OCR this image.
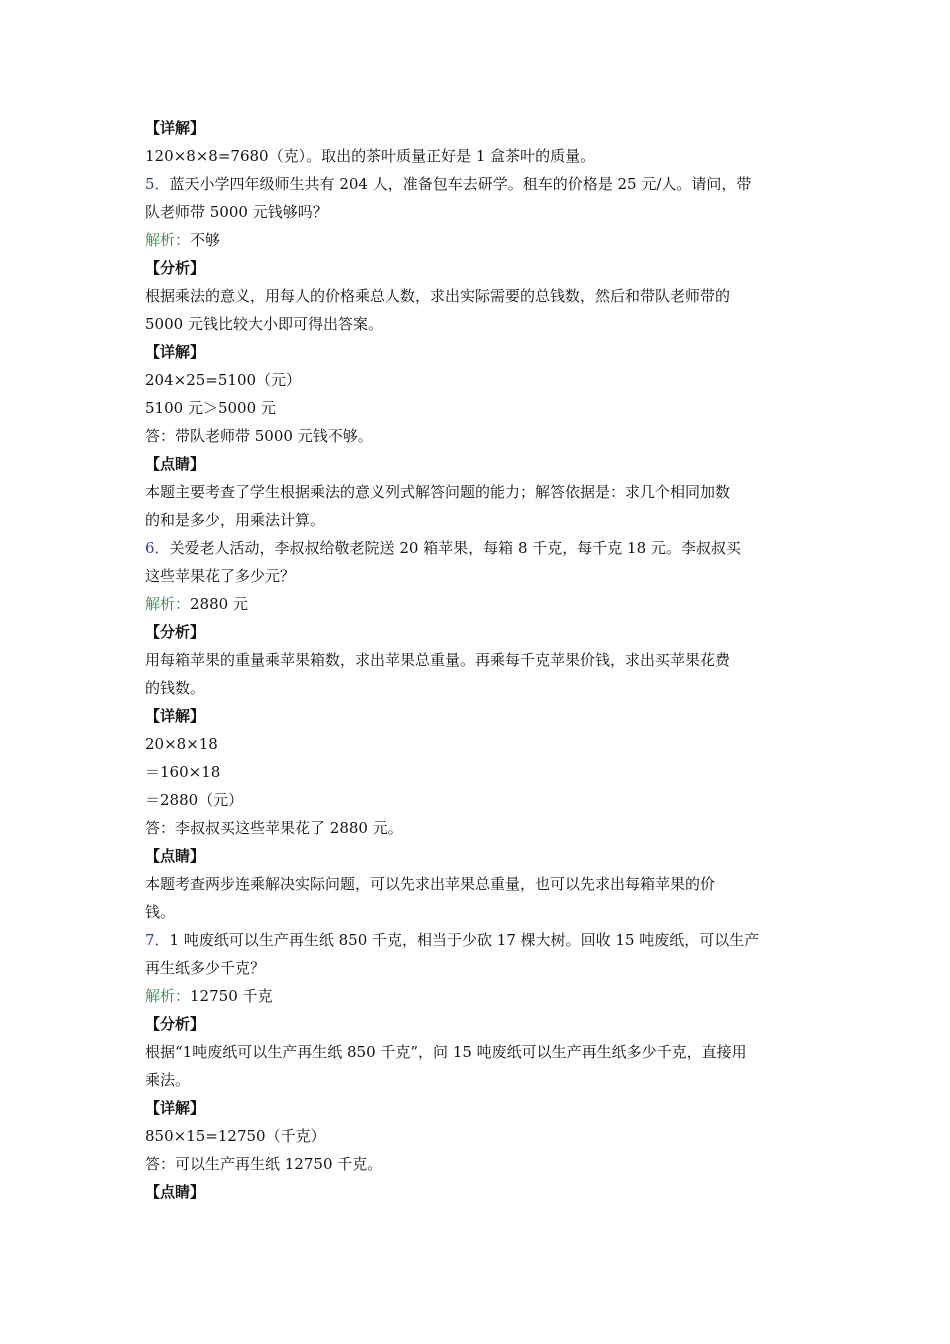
【详解】
120×8×8=7680（克）。取出的茶叶质量正好是 1 盒茶叶的质量。
5．蓝天小学四年级师生共有 204 人，准备包车去研学。租车的价格是 25 元/人。请问，带
队老师带 5000 元钱够吗？
解析：不够
【分析】
根据乘法的意义，用每人的价格乘总人数，求出实际需要的总钱数，然后和带队老师带的
5000 元钱比较大小即可得出答案。
【详解】
204×25=5100（元）
5100 元＞5000 元
答：带队老师带 5000 元钱不够。
【点睛】
本题主要考查了学生根据乘法的意义列式解答问题的能力；解答依据是：求几个相同加数
的和是多少，用乘法计算。
6．关爱老人活动，李叔叔给敬老院送 20 箱苹果，每箱 8 千克，每千克 18 元。李叔叔买
这些苹果花了多少元？
解析：2880 元
【分析】
用每箱苹果的重量乘苹果箱数，求出苹果总重量。再乘每千克苹果价钱，求出买苹果花费
的钱数。
【详解】
20×8×18
＝160×18
＝2880（元）
答：李叔叔买这些苹果花了 2880 元。
【点睛】
本题考查两步连乘解决实际问题，可以先求出苹果总重量，也可以先求出每箱苹果的价
钱。
7．1 吨废纸可以生产再生纸 850 千克，相当于少砍 17 棵大树。回收 15 吨废纸，可以生产
再生纸多少千克？
解析：12750 千克
【分析】
根据“1吨废纸可以生产再生纸 850 千克”，问 15 吨废纸可以生产再生纸多少千克，直接用
乘法。
【详解】
850×15=12750（千克）
答：可以生产再生纸 12750 千克。
【点睛】
